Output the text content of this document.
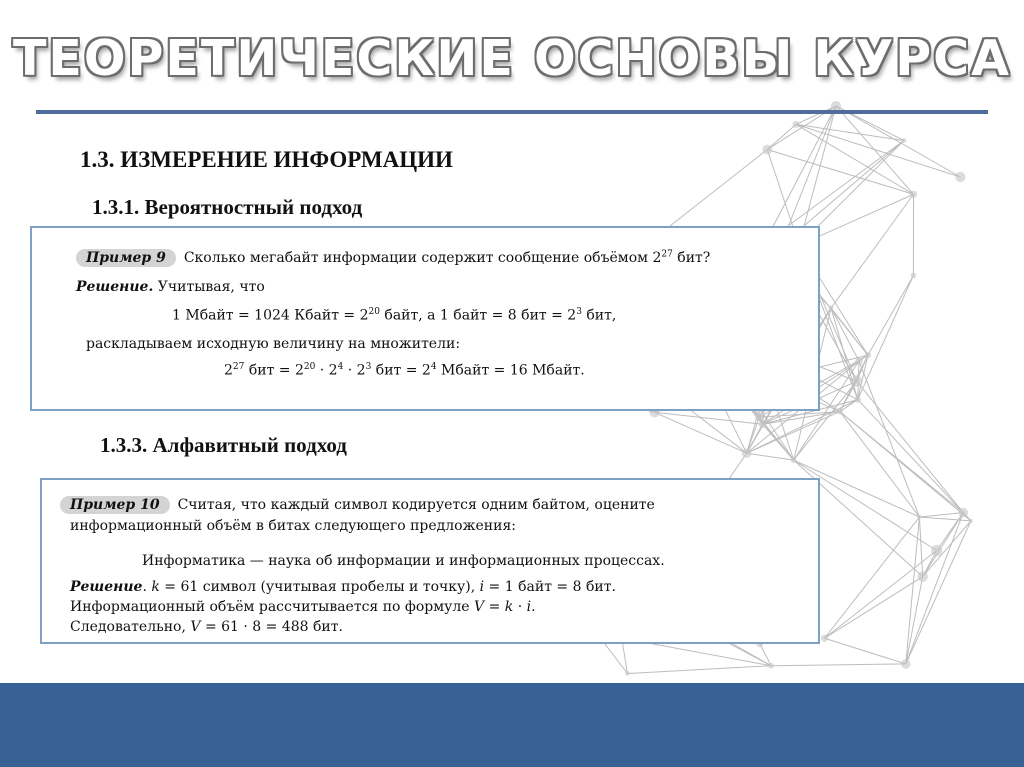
ТЕОРЕТИЧЕСКИЕ ОСНОВЫ КУРСА
1.3. ИЗМЕРЕНИЕ ИНФОРМАЦИИ
1.3.1. Вероятностный подход
Пример 9 Сколько мегабайт информации содержит сообщение объёмом $2^{27}$ бит?
Решение. Учитывая, что
1 Мбайт = 1024 Кбайт = $2^{20}$ байт, а 1 байт = 8 бит = $2^3$ бит,
раскладываем исходную величину на множители:
$2^{27}$ бит = $2^{20} \cdot 2^4 \cdot 2^3$ бит = $2^4$ Мбайт = 16 Мбайт.
1.3.3. Алфавитный подход
Пример 10 Считая, что каждый символ кодируется одним байтом, оцените
информационный объём в битах следующего предложения:
Информатика — наука об информации и информационных процессах.
Решение. k = 61 символ (учитывая пробелы и точку), i = 1 байт = 8 бит.
Информационный объём рассчитывается по формуле V = k · i.
Следовательно, V = 61 · 8 = 488 бит.
